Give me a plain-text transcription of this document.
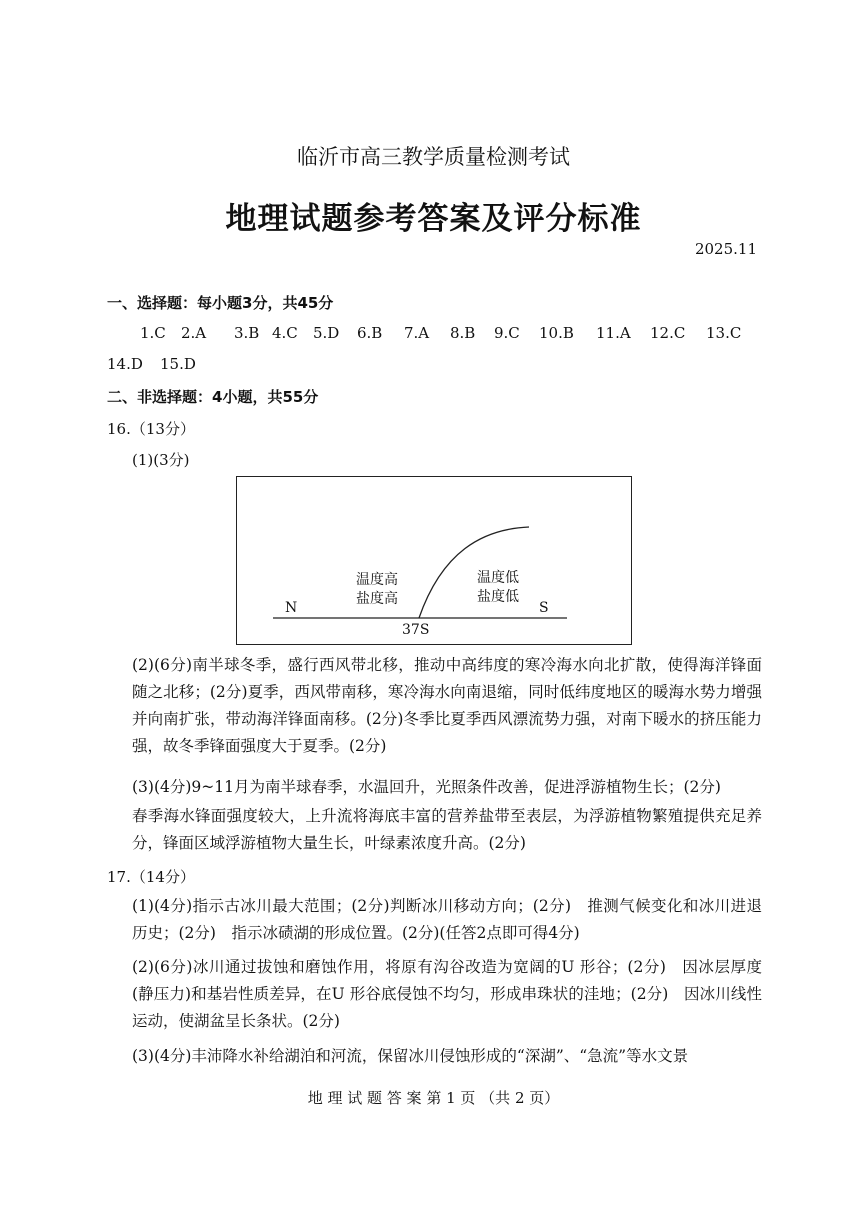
临沂市高三教学质量检测考试
地理试题参考答案及评分标准
2025.11
一、选择题：每小题3分，共45分
1.C 2.A 3.B 4.C 5.D 6.B 7.A 8.B 9.C 10.B 11.A 12.C 13.C
14.D 15.D
二、非选择题：4小题，共55分
16.（13分）
(1)(3分)
N	S
37S
温度高
盐度高
温度低
盐度低
(2)(6分)南半球冬季，盛行西风带北移，推动中高纬度的寒冷海水向北扩散，使得海洋锋面随之北移；(2分)夏季，西风带南移，寒冷海水向南退缩，同时低纬度地区的暖海水势力增强并向南扩张，带动海洋锋面南移。(2分)冬季比夏季西风漂流势力强，对南下暖水的挤压能力强，故冬季锋面强度大于夏季。(2分)
(3)(4分)9~11月为南半球春季，水温回升，光照条件改善，促进浮游植物生长；(2分)
春季海水锋面强度较大，上升流将海底丰富的营养盐带至表层，为浮游植物繁殖提供充足养分，锋面区域浮游植物大量生长，叶绿素浓度升高。(2分)
17.（14分）
(1)(4分)指示古冰川最大范围；(2分)判断冰川移动方向；(2分)　推测气候变化和冰川进退历史；(2分)　指示冰碛湖的形成位置。(2分)(任答2点即可得4分)
(2)(6分)冰川通过拔蚀和磨蚀作用，将原有沟谷改造为宽阔的U 形谷；(2分)　因冰层厚度(静压力)和基岩性质差异，在U 形谷底侵蚀不均匀，形成串珠状的洼地；(2分)　因冰川线性运动，使湖盆呈长条状。(2分)
(3)(4分)丰沛降水补给湖泊和河流，保留冰川侵蚀形成的“深湖”、“急流”等水文景
地 理 试 题 答 案 第 1 页 （共 2 页）
